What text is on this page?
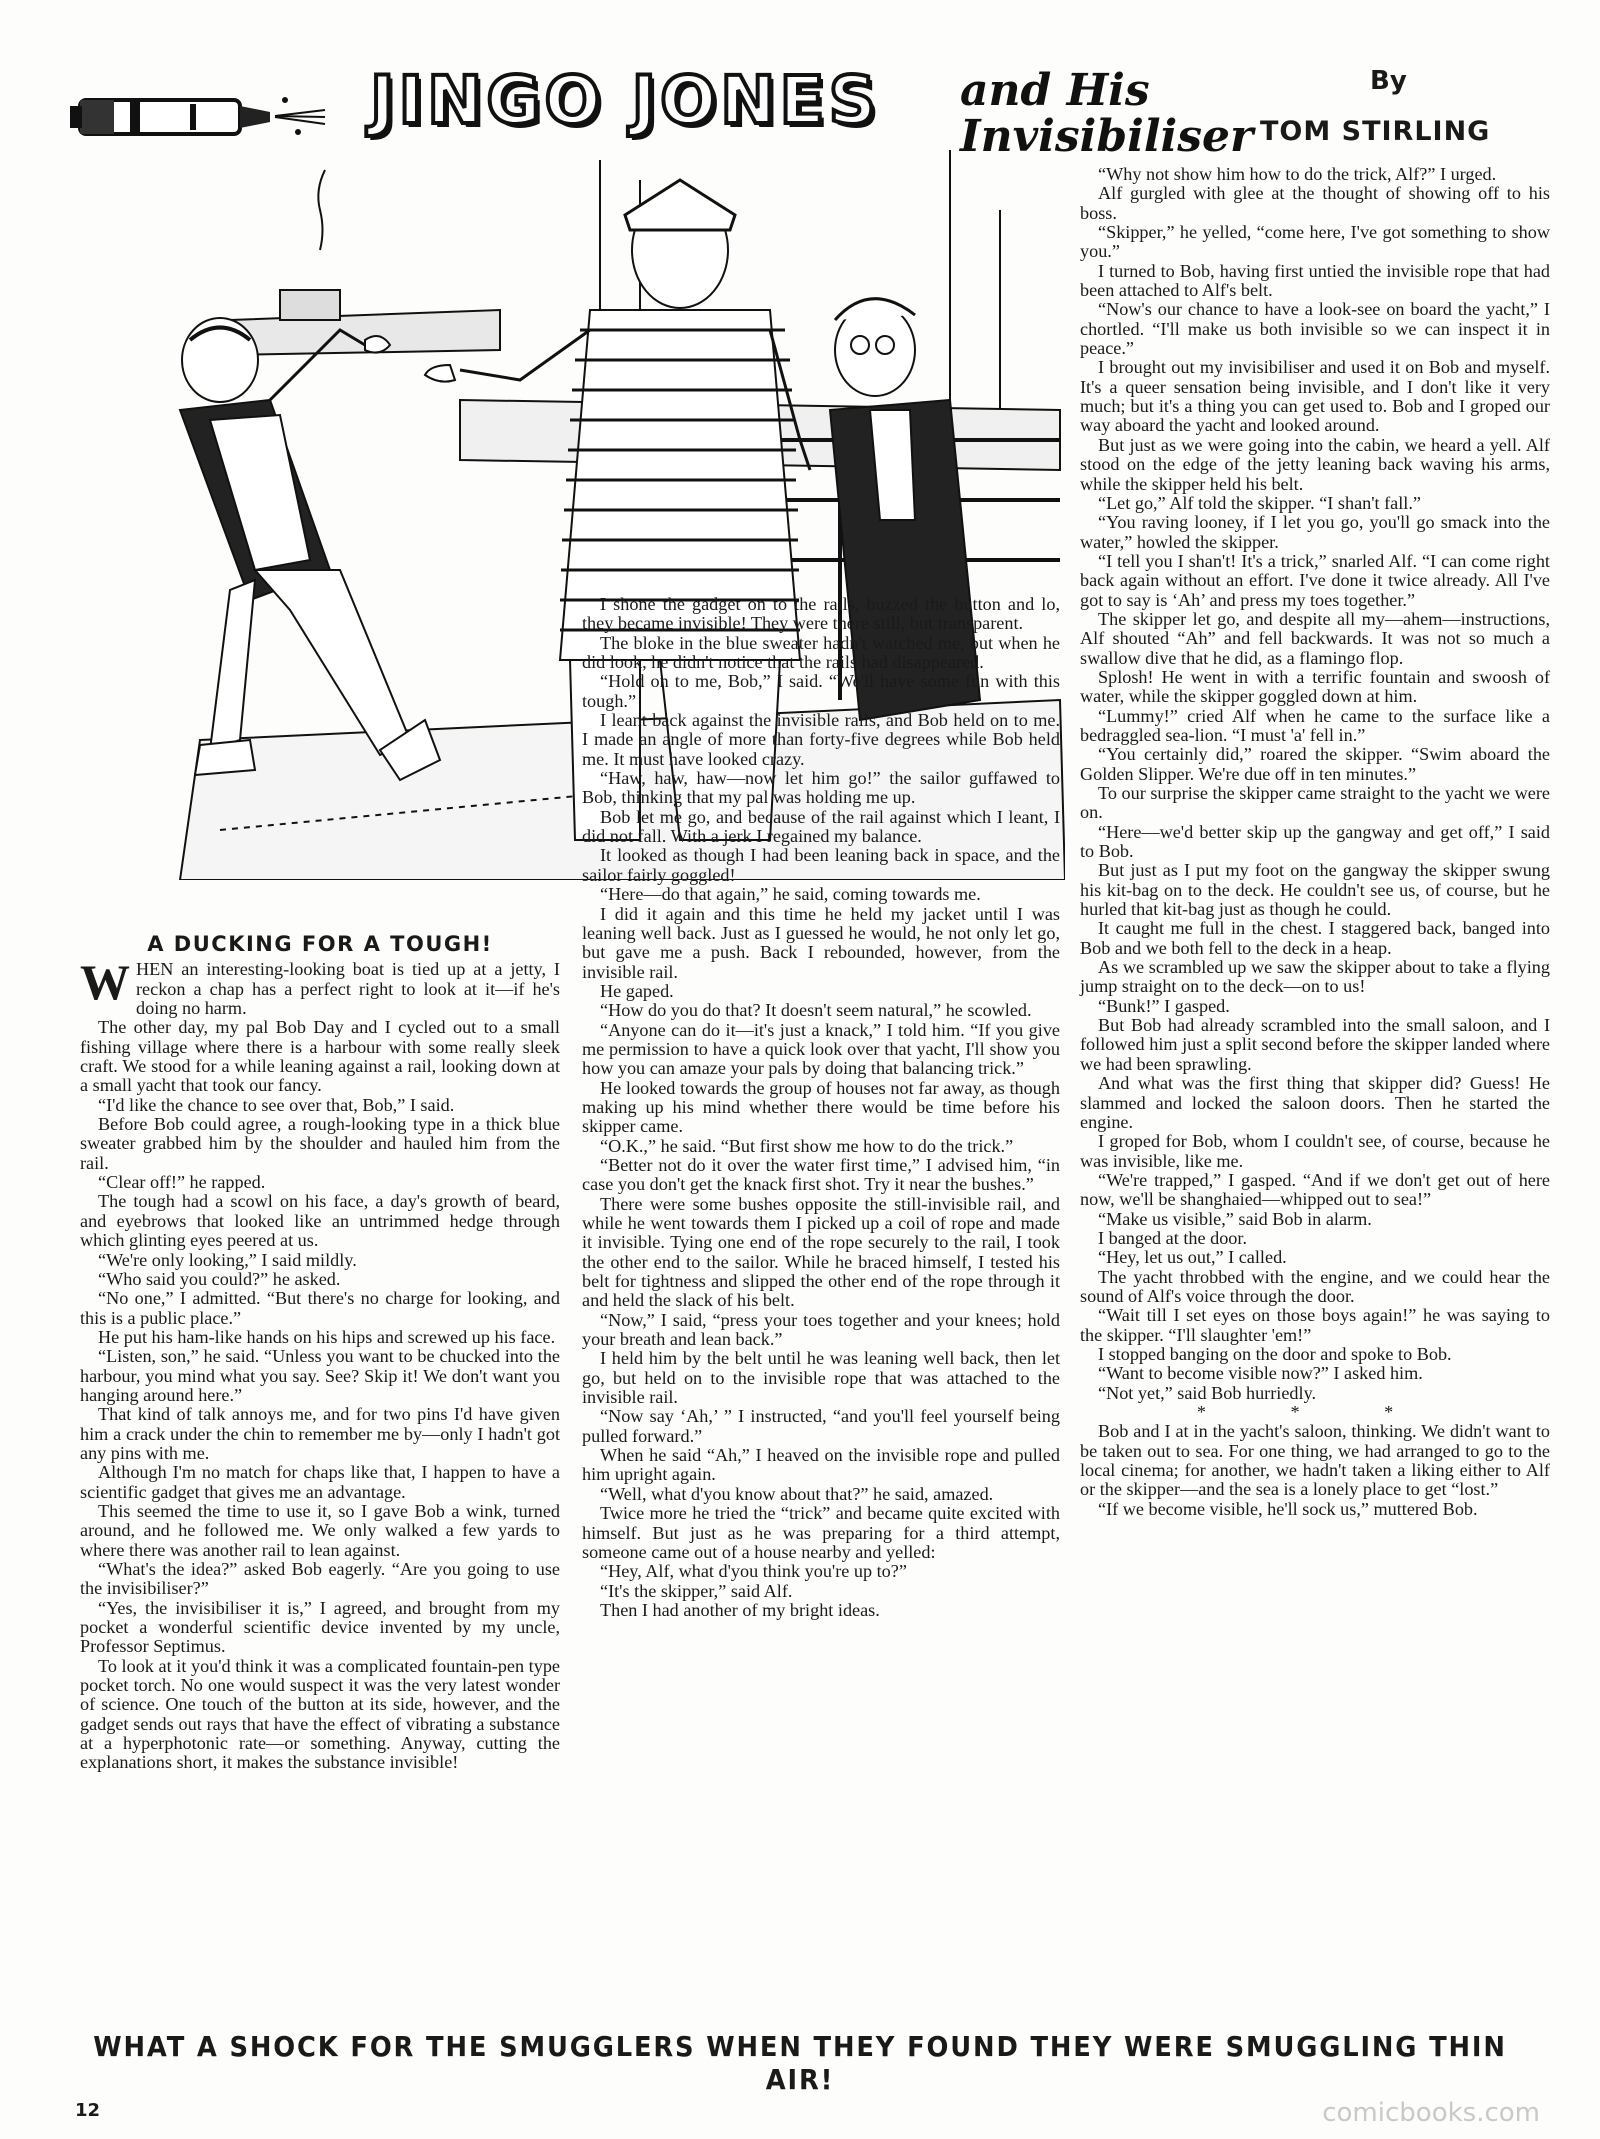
JINGO JONES and His
Invisibiliser
By
TOM STIRLING
A DUCKING FOR A TOUGH!

WHEN an interesting-looking boat is tied up at a jetty, I reckon a chap has a perfect right to look at it—if he's doing no harm.

The other day, my pal Bob Day and I cycled out to a small fishing village where there is a harbour with some really sleek craft. We stood for a while leaning against a rail, looking down at a small yacht that took our fancy.

“I'd like the chance to see over that, Bob,” I said.

Before Bob could agree, a rough-looking type in a thick blue sweater grabbed him by the shoulder and hauled him from the rail.

“Clear off!” he rapped.

The tough had a scowl on his face, a day's growth of beard, and eyebrows that looked like an untrimmed hedge through which glinting eyes peered at us.

“We're only looking,” I said mildly.

“Who said you could?” he asked.

“No one,” I admitted. “But there's no charge for looking, and this is a public place.”

He put his ham-like hands on his hips and screwed up his face.

“Listen, son,” he said. “Unless you want to be chucked into the harbour, you mind what you say. See? Skip it! We don't want you hanging around here.”

That kind of talk annoys me, and for two pins I'd have given him a crack under the chin to remember me by—only I hadn't got any pins with me.

Although I'm no match for chaps like that, I happen to have a scientific gadget that gives me an advantage.

This seemed the time to use it, so I gave Bob a wink, turned around, and he followed me. We only walked a few yards to where there was another rail to lean against.

“What's the idea?” asked Bob eagerly. “Are you going to use the invisibiliser?”

“Yes, the invisibiliser it is,” I agreed, and brought from my pocket a wonderful scientific device invented by my uncle, Professor Septimus.

To look at it you'd think it was a complicated fountain-pen type pocket torch. No one would suspect it was the very latest wonder of science. One touch of the button at its side, however, and the gadget sends out rays that have the effect of vibrating a substance at a hyperphotonic rate—or something. Anyway, cutting the explanations short, it makes the substance invisible!

I shone the gadget on to the rails, buzzed the button and lo, they became invisible! They were there still, but transparent.

The bloke in the blue sweater hadn't watched me, but when he did look, he didn't notice that the rails had disappeared.

“Hold on to me, Bob,” I said. “We'll have some fun with this tough.”

I leant back against the invisible rails, and Bob held on to me. I made an angle of more than forty-five degrees while Bob held me. It must have looked crazy.

“Haw, haw, haw—now let him go!” the sailor guffawed to Bob, thinking that my pal was holding me up.

Bob let me go, and because of the rail against which I leant, I did not fall. With a jerk I regained my balance.

It looked as though I had been leaning back in space, and the sailor fairly goggled!

“Here—do that again,” he said, coming towards me.

I did it again and this time he held my jacket until I was leaning well back. Just as I guessed he would, he not only let go, but gave me a push. Back I rebounded, however, from the invisible rail.

He gaped.

“How do you do that? It doesn't seem natural,” he scowled.

“Anyone can do it—it's just a knack,” I told him. “If you give me permission to have a quick look over that yacht, I'll show you how you can amaze your pals by doing that balancing trick.”

He looked towards the group of houses not far away, as though making up his mind whether there would be time before his skipper came.

“O.K.,” he said. “But first show me how to do the trick.”

“Better not do it over the water first time,” I advised him, “in case you don't get the knack first shot. Try it near the bushes.”

There were some bushes opposite the still-invisible rail, and while he went towards them I picked up a coil of rope and made it invisible. Tying one end of the rope securely to the rail, I took the other end to the sailor. While he braced himself, I tested his belt for tightness and slipped the other end of the rope through it and held the slack of his belt.

“Now,” I said, “press your toes together and your knees; hold your breath and lean back.”

I held him by the belt until he was leaning well back, then let go, but held on to the invisible rope that was attached to the invisible rail.

“Now say ‘Ah,’ ” I instructed, “and you'll feel yourself being pulled forward.”

When he said “Ah,” I heaved on the invisible rope and pulled him upright again.

“Well, what d'you know about that?” he said, amazed.

Twice more he tried the “trick” and became quite excited with himself. But just as he was preparing for a third attempt, someone came out of a house nearby and yelled:

“Hey, Alf, what d'you think you're up to?”

“It's the skipper,” said Alf.

Then I had another of my bright ideas.

“Why not show him how to do the trick, Alf?” I urged.

Alf gurgled with glee at the thought of showing off to his boss.

“Skipper,” he yelled, “come here, I've got something to show you.”

I turned to Bob, having first untied the invisible rope that had been attached to Alf's belt.

“Now's our chance to have a look-see on board the yacht,” I chortled. “I'll make us both invisible so we can inspect it in peace.”

I brought out my invisibiliser and used it on Bob and myself. It's a queer sensation being invisible, and I don't like it very much; but it's a thing you can get used to. Bob and I groped our way aboard the yacht and looked around.

But just as we were going into the cabin, we heard a yell. Alf stood on the edge of the jetty leaning back waving his arms, while the skipper held his belt.

“Let go,” Alf told the skipper. “I shan't fall.”

“You raving looney, if I let you go, you'll go smack into the water,” howled the skipper.

“I tell you I shan't! It's a trick,” snarled Alf. “I can come right back again without an effort. I've done it twice already. All I've got to say is ‘Ah’ and press my toes together.”

The skipper let go, and despite all my—ahem—instructions, Alf shouted “Ah” and fell backwards. It was not so much a swallow dive that he did, as a flamingo flop.

Splosh! He went in with a terrific fountain and swoosh of water, while the skipper goggled down at him.

“Lummy!” cried Alf when he came to the surface like a bedraggled sea-lion. “I must 'a' fell in.”

“You certainly did,” roared the skipper. “Swim aboard the Golden Slipper. We're due off in ten minutes.”

To our surprise the skipper came straight to the yacht we were on.

“Here—we'd better skip up the gangway and get off,” I said to Bob.

But just as I put my foot on the gangway the skipper swung his kit-bag on to the deck. He couldn't see us, of course, but he hurled that kit-bag just as though he could.

It caught me full in the chest. I staggered back, banged into Bob and we both fell to the deck in a heap.

As we scrambled up we saw the skipper about to take a flying jump straight on to the deck—on to us!

“Bunk!” I gasped.

But Bob had already scrambled into the small saloon, and I followed him just a split second before the skipper landed where we had been sprawling.

And what was the first thing that skipper did? Guess! He slammed and locked the saloon doors. Then he started the engine.

I groped for Bob, whom I couldn't see, of course, because he was invisible, like me.

“We're trapped,” I gasped. “And if we don't get out of here now, we'll be shanghaied—whipped out to sea!”

“Make us visible,” said Bob in alarm.

I banged at the door.

“Hey, let us out,” I called.

The yacht throbbed with the engine, and we could hear the sound of Alf's voice through the door.

“Wait till I set eyes on those boys again!” he was saying to the skipper. “I'll slaughter 'em!”

I stopped banging on the door and spoke to Bob.

“Want to become visible now?” I asked him.

“Not yet,” said Bob hurriedly.

* * *

Bob and I at in the yacht's saloon, thinking. We didn't want to be taken out to sea. For one thing, we had arranged to go to the local cinema; for another, we hadn't taken a liking either to Alf or the skipper—and the sea is a lonely place to get “lost.”

“If we become visible, he'll sock us,” muttered Bob.

WHAT A SHOCK FOR THE SMUGGLERS WHEN THEY FOUND THEY WERE SMUGGLING THIN AIR!
12	comicbooks.com
